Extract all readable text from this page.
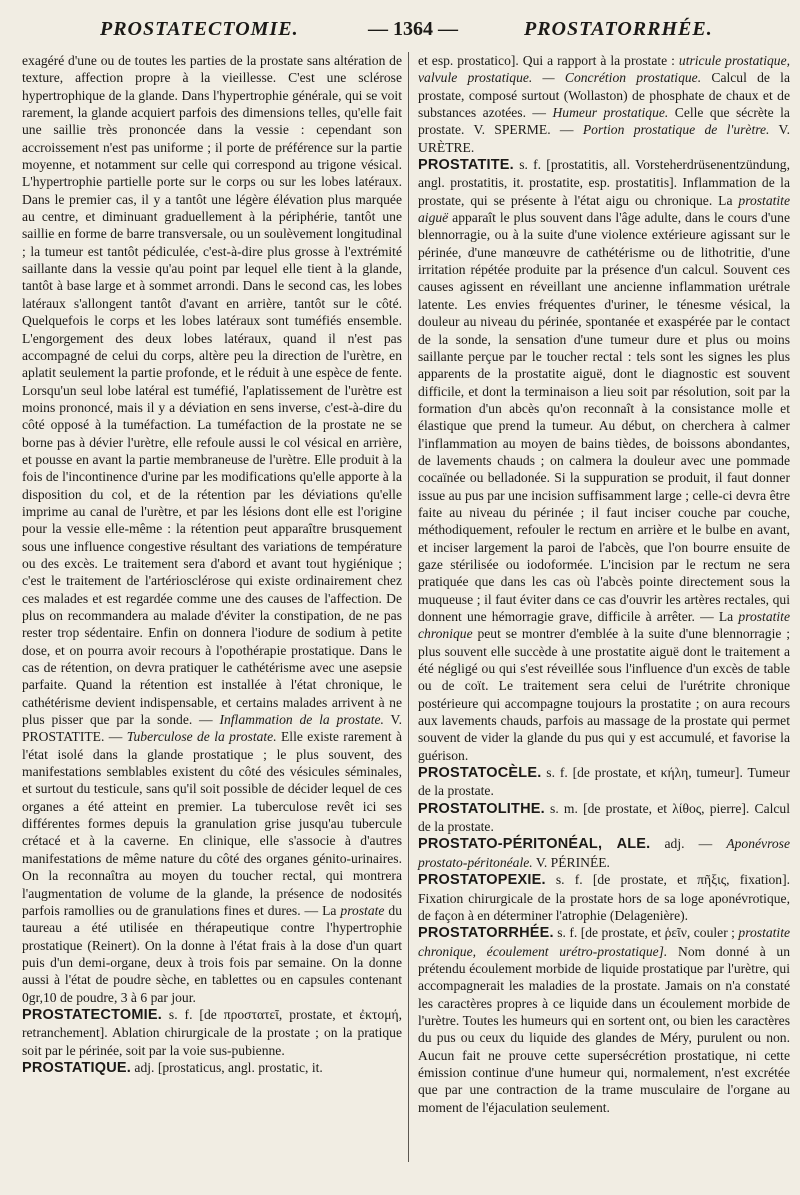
PROSTATECTOMIE.	— 1364 —	PROSTATORRHÉE.

exagéré d'une ou de toutes les parties de la prostate sans altération de texture, affection propre à la vieillesse. C'est une sclérose hypertrophique de la glande. Dans l'hypertrophie générale, qui se voit rarement, la glande acquiert parfois des dimensions telles, qu'elle fait une saillie très prononcée dans la vessie : cependant son accroissement n'est pas uniforme ; il porte de préférence sur la partie moyenne, et notamment sur celle qui correspond au trigone vésical. L'hypertrophie partielle porte sur le corps ou sur les lobes latéraux. Dans le premier cas, il y a tantôt une légère élévation plus marquée au centre, et diminuant graduellement à la périphérie, tantôt une saillie en forme de barre transversale, ou un soulèvement longitudinal ; la tumeur est tantôt pédiculée, c'est-à-dire plus grosse à l'extrémité saillante dans la vessie qu'au point par lequel elle tient à la glande, tantôt à base large et à sommet arrondi. Dans le second cas, les lobes latéraux s'allongent tantôt d'avant en arrière, tantôt sur le côté. Quelquefois le corps et les lobes latéraux sont tuméfiés ensemble. L'engorgement des deux lobes latéraux, quand il n'est pas accompagné de celui du corps, altère peu la direction de l'urètre, en aplatit seulement la partie profonde, et le réduit à une espèce de fente. Lorsqu'un seul lobe latéral est tuméfié, l'aplatissement de l'urètre est moins prononcé, mais il y a déviation en sens inverse, c'est-à-dire du côté opposé à la tuméfaction. La tuméfaction de la prostate ne se borne pas à dévier l'urètre, elle refoule aussi le col vésical en arrière, et pousse en avant la partie membraneuse de l'urètre. Elle produit à la fois de l'incontinence d'urine par les modifications qu'elle apporte à la disposition du col, et de la rétention par les déviations qu'elle imprime au canal de l'urètre, et par les lésions dont elle est l'origine pour la vessie elle-même : la rétention peut apparaître brusquement sous une influence congestive résultant des variations de température ou des excès. Le traitement sera d'abord et avant tout hygiénique ; c'est le traitement de l'artériosclérose qui existe ordinairement chez ces malades et est regardée comme une des causes de l'affection. De plus on recommandera au malade d'éviter la constipation, de ne pas rester trop sédentaire. Enfin on donnera l'iodure de sodium à petite dose, et on pourra avoir recours à l'opothérapie prostatique. Dans le cas de rétention, on devra pratiquer le cathétérisme avec une asepsie parfaite. Quand la rétention est installée à l'état chronique, le cathétérisme devient indispensable, et certains malades arrivent à ne plus pisser que par la sonde. — Inflammation de la prostate. V. PROSTATITE. — Tuberculose de la prostate. Elle existe rarement à l'état isolé dans la glande prostatique ; le plus souvent, des manifestations semblables existent du côté des vésicules séminales, et surtout du testicule, sans qu'il soit possible de décider lequel de ces organes a été atteint en premier. La tuberculose revêt ici ses différentes formes depuis la granulation grise jusqu'au tubercule crétacé et à la caverne. En clinique, elle s'associe à d'autres manifestations de même nature du côté des organes génito-urinaires. On la reconnaîtra au moyen du toucher rectal, qui montrera l'augmentation de volume de la glande, la présence de nodosités parfois ramollies ou de granulations fines et dures. — La prostate du taureau a été utilisée en thérapeutique contre l'hypertrophie prostatique (Reinert). On la donne à l'état frais à la dose d'un quart puis d'un demi-organe, deux à trois fois par semaine. On la donne aussi à l'état de poudre sèche, en tablettes ou en capsules contenant 0gr,10 de poudre, 3 à 6 par jour.

PROSTATECTOMIE. s. f. [de προστατεῖ, prostate, et ἐκτομή, retranchement]. Ablation chirurgicale de la prostate ; on la pratique soit par le périnée, soit par la voie sus-pubienne.

PROSTATIQUE. adj. [prostaticus, angl. prostatic, it.

et esp. prostatico]. Qui a rapport à la prostate : utricule prostatique, valvule prostatique. — Concrétion prostatique. Calcul de la prostate, composé surtout (Wollaston) de phosphate de chaux et de substances azotées. — Humeur prostatique. Celle que sécrète la prostate. V. SPERME. — Portion prostatique de l'urètre. V. URÈTRE.

PROSTATITE. s. f. [prostatitis, all. Vorsteherdrüsenentzündung, angl. prostatitis, it. prostatite, esp. prostatitis]. Inflammation de la prostate, qui se présente à l'état aigu ou chronique. La prostatite aiguë apparaît le plus souvent dans l'âge adulte, dans le cours d'une blennorragie, ou à la suite d'une violence extérieure agissant sur le périnée, d'une manœuvre de cathétérisme ou de lithotritie, d'une irritation répétée produite par la présence d'un calcul. Souvent ces causes agissent en réveillant une ancienne inflammation urétrale latente. Les envies fréquentes d'uriner, le ténesme vésical, la douleur au niveau du périnée, spontanée et exaspérée par le contact de la sonde, la sensation d'une tumeur dure et plus ou moins saillante perçue par le toucher rectal : tels sont les signes les plus apparents de la prostatite aiguë, dont le diagnostic est souvent difficile, et dont la terminaison a lieu soit par résolution, soit par la formation d'un abcès qu'on reconnaît à la consistance molle et élastique que prend la tumeur. Au début, on cherchera à calmer l'inflammation au moyen de bains tièdes, de boissons abondantes, de lavements chauds ; on calmera la douleur avec une pommade cocaïnée ou belladonée. Si la suppuration se produit, il faut donner issue au pus par une incision suffisamment large ; celle-ci devra être faite au niveau du périnée ; il faut inciser couche par couche, méthodiquement, refouler le rectum en arrière et le bulbe en avant, et inciser largement la paroi de l'abcès, que l'on bourre ensuite de gaze stérilisée ou iodoformée. L'incision par le rectum ne sera pratiquée que dans les cas où l'abcès pointe directement sous la muqueuse ; il faut éviter dans ce cas d'ouvrir les artères rectales, qui donnent une hémorragie grave, difficile à arrêter. — La prostatite chronique peut se montrer d'emblée à la suite d'une blennorragie ; plus souvent elle succède à une prostatite aiguë dont le traitement a été négligé ou qui s'est réveillée sous l'influence d'un excès de table ou de coït. Le traitement sera celui de l'urétrite chronique postérieure qui accompagne toujours la prostatite ; on aura recours aux lavements chauds, parfois au massage de la prostate qui permet souvent de vider la glande du pus qui y est accumulé, et favorise la guérison.

PROSTATOCÈLE. s. f. [de prostate, et κήλη, tumeur]. Tumeur de la prostate.

PROSTATOLITHE. s. m. [de prostate, et λίθος, pierre]. Calcul de la prostate.

PROSTATO-PÉRITONÉAL, ALE. adj. — Aponévrose prostato-péritonéale. V. PÉRINÉE.

PROSTATOPEXIE. s. f. [de prostate, et πῆξις, fixation]. Fixation chirurgicale de la prostate hors de sa loge aponévrotique, de façon à en déterminer l'atrophie (Delagenière).

PROSTATORRHÉE. s. f. [de prostate, et ῥεῖν, couler ; prostatite chronique, écoulement urétro-prostatique]. Nom donné à un prétendu écoulement morbide de liquide prostatique par l'urètre, qui accompagnerait les maladies de la prostate. Jamais on n'a constaté les caractères propres à ce liquide dans un écoulement morbide de l'urètre. Toutes les humeurs qui en sortent ont, ou bien les caractères du pus ou ceux du liquide des glandes de Méry, purulent ou non. Aucun fait ne prouve cette supersécrétion prostatique, ni cette émission continue d'une humeur qui, normalement, n'est excrétée que par une contraction de la trame musculaire de l'organe au moment de l'éjaculation seulement.
